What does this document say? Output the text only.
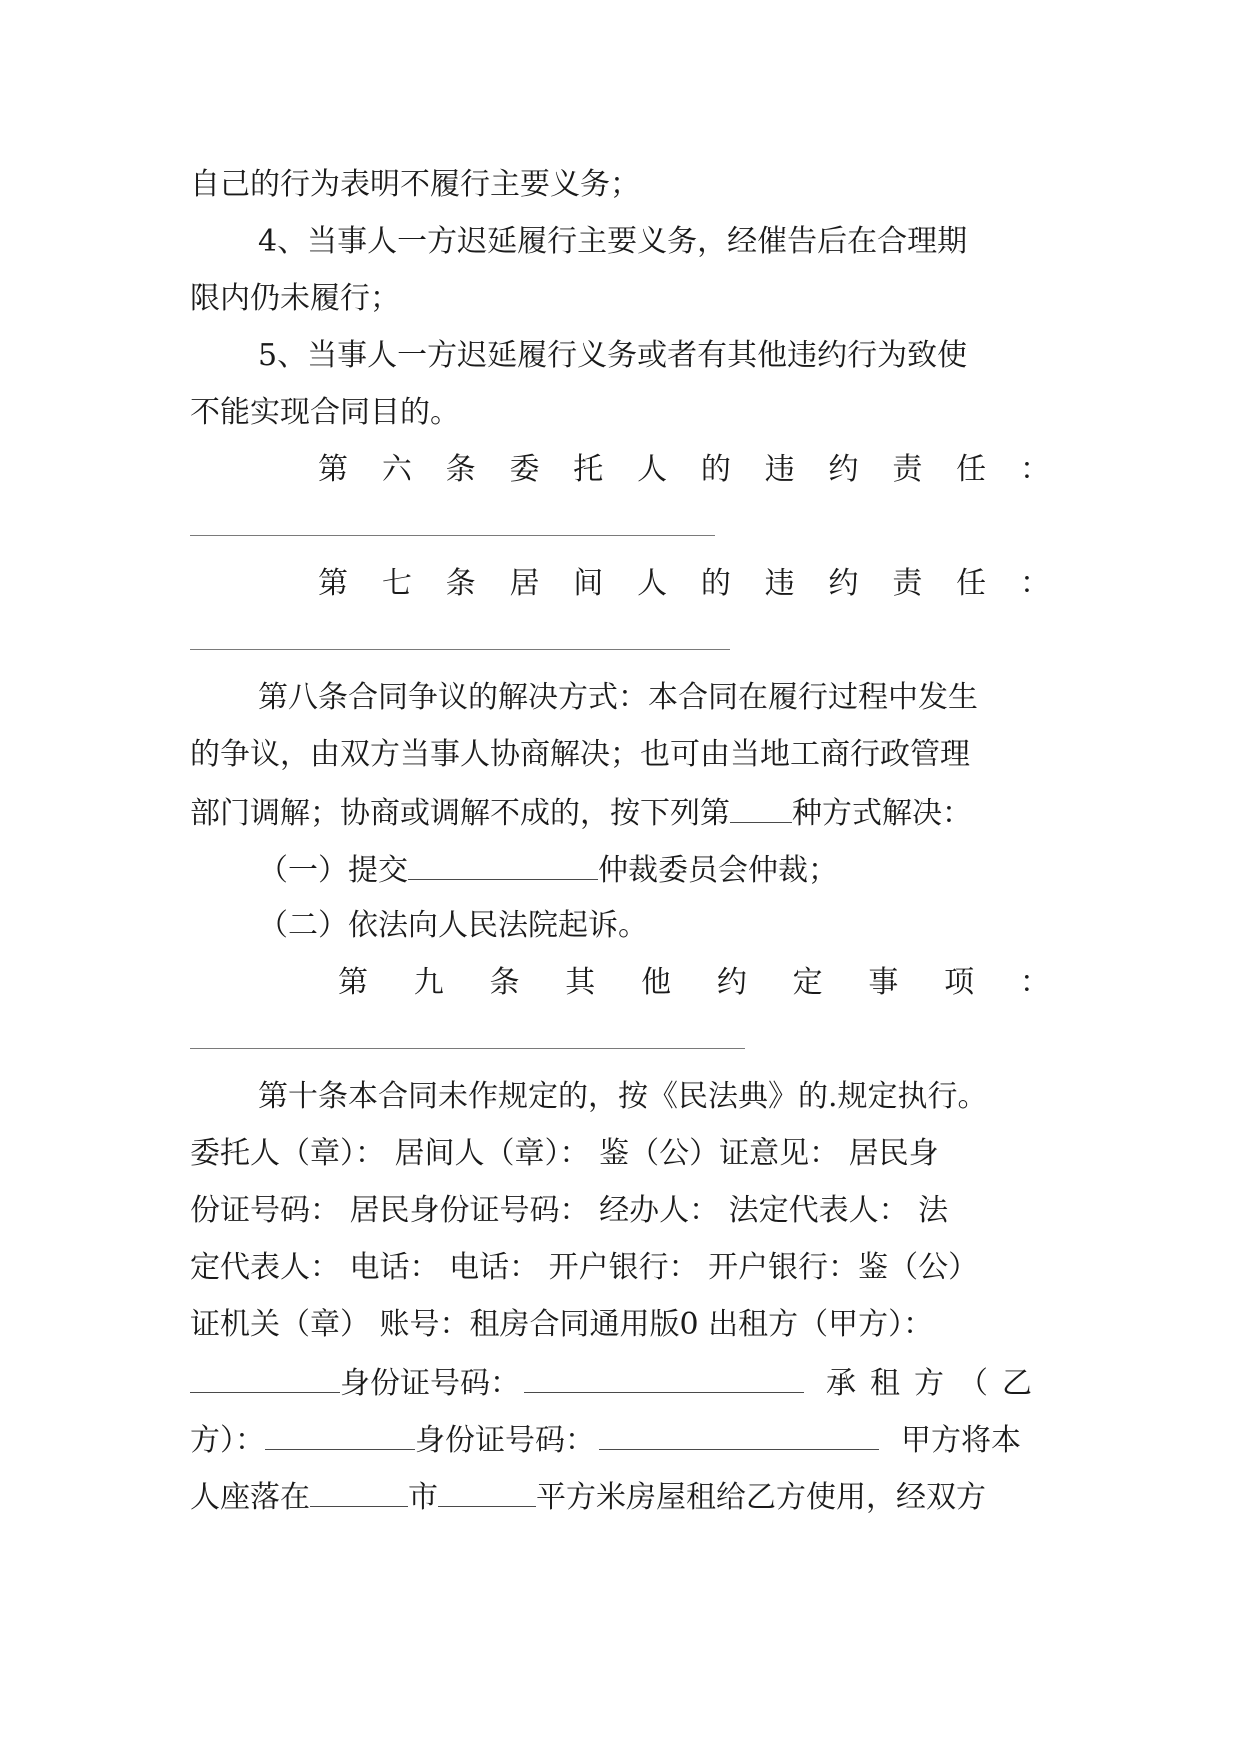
自己的行为表明不履行主要义务；
4、当事人一方迟延履行主要义务，经催告后在合理期
限内仍未履行；
5、当事人一方迟延履行义务或者有其他违约行为致使
不能实现合同目的。
第 六 条 委 托 人 的 违 约 责 任 ：
第 七 条 居 间 人 的 违 约 责 任 ：
第八条合同争议的解决方式：本合同在履行过程中发生
的争议，由双方当事人协商解决；也可由当地工商行政管理
部门调解；协商或调解不成的，按下列第 种方式解决：
（一）提交	仲裁委员会仲裁；
（二）依法向人民法院起诉。
第 九 条 其 他 约 定 事 项 ：
第十条本合同未作规定的，按《民法典》的.规定执行。
委托人（章）： 居间人（章）： 鉴（公）证意见： 居民身
份证号码： 居民身份证号码： 经办人： 法定代表人： 法
定代表人： 电话： 电话： 开户银行： 开户银行：鉴（公）
证机关（章） 账号：租房合同通用版0 出租方（甲方）：
身份证号码：	承租方（乙
方）：	身份证号码：	甲方将本
人座落在	市	平方米房屋租给乙方使用，经双方
